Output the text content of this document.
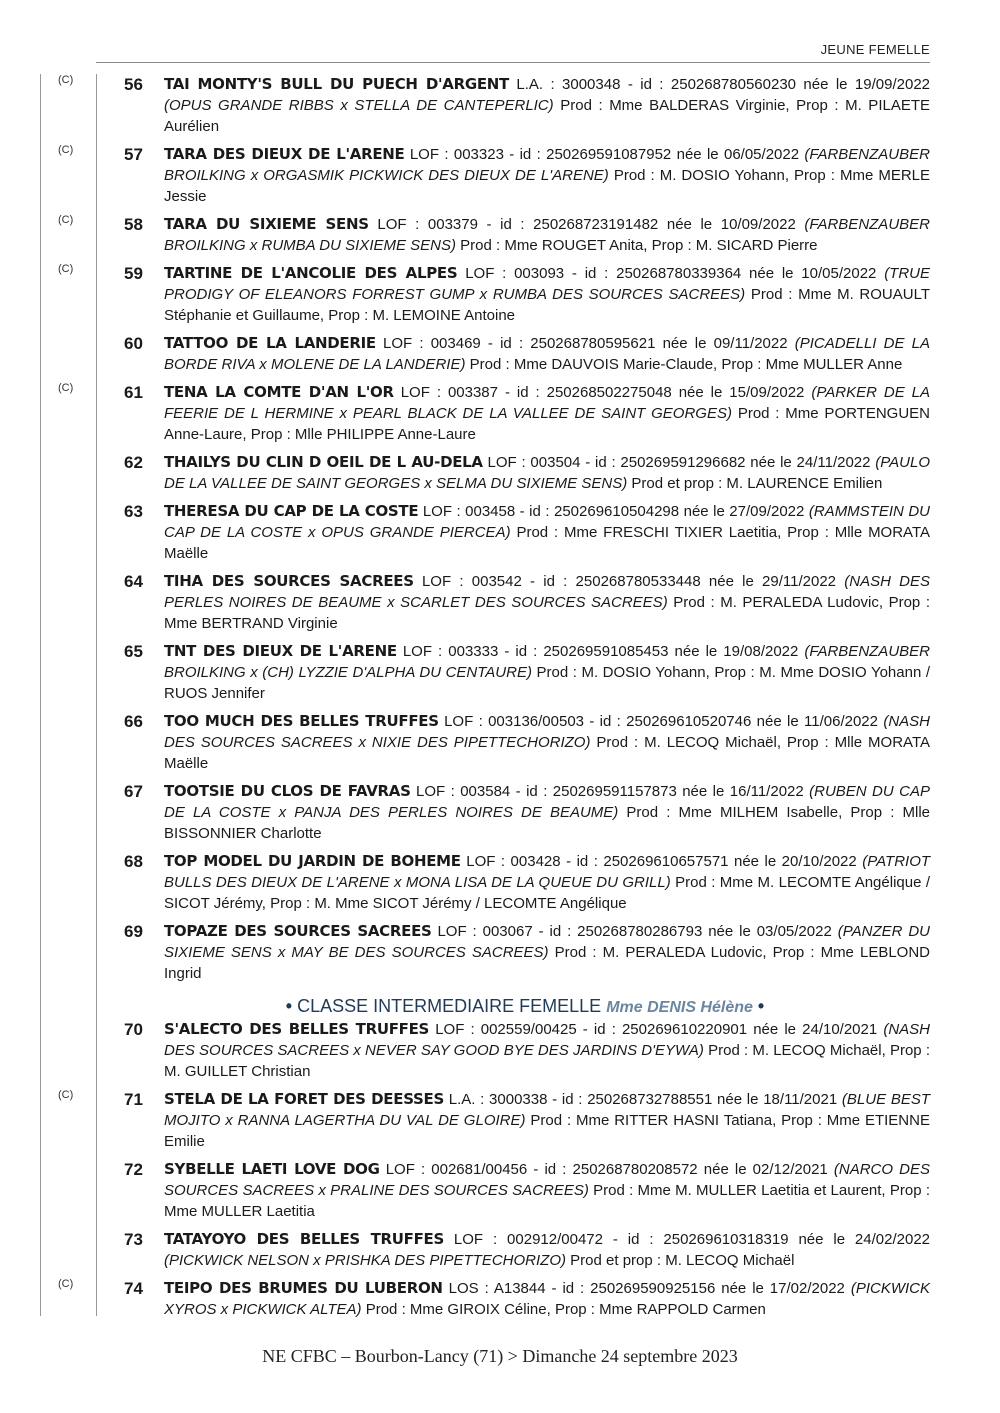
JEUNE FEMELLE
(C)	56	TAI MONTY'S BULL DU PUECH D'ARGENT L.A. : 3000348 - id : 250268780560230 née le 19/09/2022 (OPUS GRANDE RIBBS x STELLA DE CANTEPERLIC) Prod : Mme BALDERAS Virginie, Prop : M. PILAETE Aurélien
(C)	57	TARA DES DIEUX DE L'ARENE LOF : 003323 - id : 250269591087952 née le 06/05/2022 (FARBENZAUBER BROILKING x ORGASMIK PICKWICK DES DIEUX DE L'ARENE) Prod : M. DOSIO Yohann, Prop : Mme MERLE Jessie
(C)	58	TARA DU SIXIEME SENS LOF : 003379 - id : 250268723191482 née le 10/09/2022 (FARBENZAUBER BROILKING x RUMBA DU SIXIEME SENS) Prod : Mme ROUGET Anita, Prop : M. SICARD Pierre
(C)	59	TARTINE DE L'ANCOLIE DES ALPES LOF : 003093 - id : 250268780339364 née le 10/05/2022 (TRUE PRODIGY OF ELEANORS FORREST GUMP x RUMBA DES SOURCES SACREES) Prod : Mme M. ROUAULT Stéphanie et Guillaume, Prop : M. LEMOINE Antoine
60	TATTOO DE LA LANDERIE LOF : 003469 - id : 250268780595621 née le 09/11/2022 (PICADELLI DE LA BORDE RIVA x MOLENE DE LA LANDERIE) Prod : Mme DAUVOIS Marie-Claude, Prop : Mme MULLER Anne
(C)	61	TENA LA COMTE D'AN L'OR LOF : 003387 - id : 250268502275048 née le 15/09/2022 (PARKER DE LA FEERIE DE L HERMINE x PEARL BLACK DE LA VALLEE DE SAINT GEORGES) Prod : Mme PORTENGUEN Anne-Laure, Prop : Mlle PHILIPPE Anne-Laure
62	THAILYS DU CLIN D OEIL DE L AU-DELA LOF : 003504 - id : 250269591296682 née le 24/11/2022 (PAULO DE LA VALLEE DE SAINT GEORGES x SELMA DU SIXIEME SENS) Prod et prop : M. LAURENCE Emilien
63	THERESA DU CAP DE LA COSTE LOF : 003458 - id : 250269610504298 née le 27/09/2022 (RAMMSTEIN DU CAP DE LA COSTE x OPUS GRANDE PIERCEA) Prod : Mme FRESCHI TIXIER Laetitia, Prop : Mlle MORATA Maëlle
64	TIHA DES SOURCES SACREES LOF : 003542 - id : 250268780533448 née le 29/11/2022 (NASH DES PERLES NOIRES DE BEAUME x SCARLET DES SOURCES SACREES) Prod : M. PERALEDA Ludovic, Prop : Mme BERTRAND Virginie
65	TNT DES DIEUX DE L'ARENE LOF : 003333 - id : 250269591085453 née le 19/08/2022 (FARBENZAUBER BROILKING x (CH) LYZZIE D'ALPHA DU CENTAURE) Prod : M. DOSIO Yohann, Prop : M. Mme DOSIO Yohann / RUOS Jennifer
66	TOO MUCH DES BELLES TRUFFES LOF : 003136/00503 - id : 250269610520746 née le 11/06/2022 (NASH DES SOURCES SACREES x NIXIE DES PIPETTECHORIZO) Prod : M. LECOQ Michaël, Prop : Mlle MORATA Maëlle
67	TOOTSIE DU CLOS DE FAVRAS LOF : 003584 - id : 250269591157873 née le 16/11/2022 (RUBEN DU CAP DE LA COSTE x PANJA DES PERLES NOIRES DE BEAUME) Prod : Mme MILHEM Isabelle, Prop : Mlle BISSONNIER Charlotte
68	TOP MODEL DU JARDIN DE BOHEME LOF : 003428 - id : 250269610657571 née le 20/10/2022 (PATRIOT BULLS DES DIEUX DE L'ARENE x MONA LISA DE LA QUEUE DU GRILL) Prod : Mme M. LECOMTE Angélique / SICOT Jérémy, Prop : M. Mme SICOT Jérémy / LECOMTE Angélique
69	TOPAZE DES SOURCES SACREES LOF : 003067 - id : 250268780286793 née le 03/05/2022 (PANZER DU SIXIEME SENS x MAY BE DES SOURCES SACREES) Prod : M. PERALEDA Ludovic, Prop : Mme LEBLOND Ingrid
• CLASSE INTERMEDIAIRE FEMELLE Mme DENIS Hélène •
70	S'ALECTO DES BELLES TRUFFES LOF : 002559/00425 - id : 250269610220901 née le 24/10/2021 (NASH DES SOURCES SACREES x NEVER SAY GOOD BYE DES JARDINS D'EYWA) Prod : M. LECOQ Michaël, Prop : M. GUILLET Christian
(C)	71	STELA DE LA FORET DES DEESSES L.A. : 3000338 - id : 250268732788551 née le 18/11/2021 (BLUE BEST MOJITO x RANNA LAGERTHA DU VAL DE GLOIRE) Prod : Mme RITTER HASNI Tatiana, Prop : Mme ETIENNE Emilie
72	SYBELLE LAETI LOVE DOG LOF : 002681/00456 - id : 250268780208572 née le 02/12/2021 (NARCO DES SOURCES SACREES x PRALINE DES SOURCES SACREES) Prod : Mme M. MULLER Laetitia et Laurent, Prop : Mme MULLER Laetitia
73	TATAYOYO DES BELLES TRUFFES LOF : 002912/00472 - id : 250269610318319 née le 24/02/2022 (PICKWICK NELSON x PRISHKA DES PIPETTECHORIZO) Prod et prop : M. LECOQ Michaël
(C)	74	TEIPO DES BRUMES DU LUBERON LOS : A13844 - id : 250269590925156 née le 17/02/2022 (PICKWICK XYROS x PICKWICK ALTEA) Prod : Mme GIROIX Céline, Prop : Mme RAPPOLD Carmen
NE CFBC – Bourbon-Lancy (71) > Dimanche 24 septembre 2023
